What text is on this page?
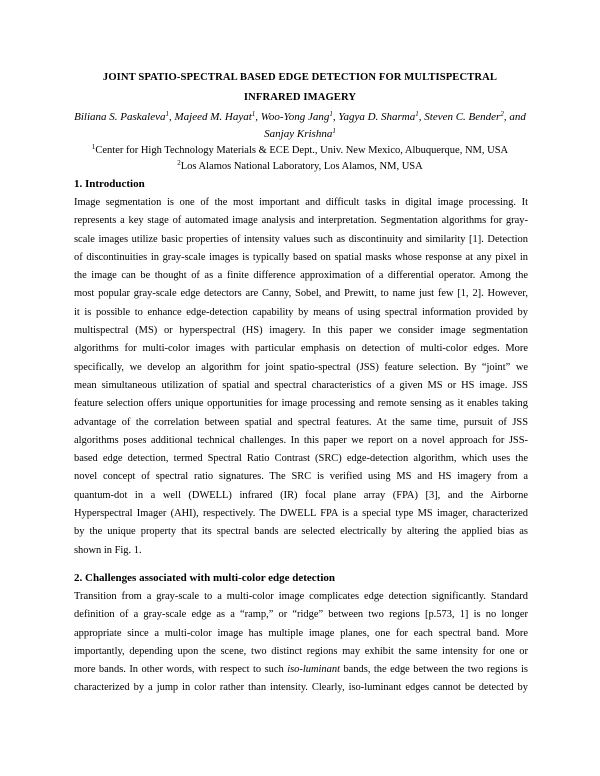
JOINT SPATIO-SPECTRAL BASED EDGE DETECTION FOR MULTISPECTRAL
INFRARED IMAGERY
Biliana S. Paskaleva$^1$, Majeed M. Hayat$^1$, Woo-Yong Jang$^1$, Yagya D. Sharma$^1$, Steven C. Bender$^2$, and
Sanjay Krishna$^1$
$^1$Center for High Technology Materials & ECE Dept., Univ. New Mexico, Albuquerque, NM, USA
$^2$Los Alamos National Laboratory, Los Alamos, NM, USA
1. Introduction
Image segmentation is one of the most important and difficult tasks in digital image processing. It
represents a key stage of automated image analysis and interpretation. Segmentation algorithms for gray-
scale images utilize basic properties of intensity values such as discontinuity and similarity [1]. Detection
of discontinuities in gray-scale images is typically based on spatial masks whose response at any pixel in
the image can be thought of as a finite difference approximation of a differential operator. Among the
most popular gray-scale edge detectors are Canny, Sobel, and Prewitt, to name just few [1, 2]. However,
it is possible to enhance edge-detection capability by means of using spectral information provided by
multispectral (MS) or hyperspectral (HS) imagery. In this paper we consider image segmentation
algorithms for multi-color images with particular emphasis on detection of multi-color edges. More
specifically, we develop an algorithm for joint spatio-spectral (JSS) feature selection. By “joint” we
mean simultaneous utilization of spatial and spectral characteristics of a given MS or HS image. JSS
feature selection offers unique opportunities for image processing and remote sensing as it enables taking
advantage of the correlation between spatial and spectral features. At the same time, pursuit of JSS
algorithms poses additional technical challenges. In this paper we report on a novel approach for JSS-
based edge detection, termed Spectral Ratio Contrast (SRC) edge-detection algorithm, which uses the
novel concept of spectral ratio signatures. The SRC is verified using MS and HS imagery from a
quantum-dot in a well (DWELL) infrared (IR) focal plane array (FPA) [3], and the Airborne
Hyperspectral Imager (AHI), respectively. The DWELL FPA is a special type MS imager, characterized
by the unique property that its spectral bands are selected electrically by altering the applied bias as
shown in Fig. 1.
2. Challenges associated with multi-color edge detection
Transition from a gray-scale to a multi-color image complicates edge detection significantly. Standard
definition of a gray-scale edge as a “ramp,” or “ridge” between two regions [p.573, 1] is no longer
appropriate since a multi-color image has multiple image planes, one for each spectral band. More
importantly, depending upon the scene, two distinct regions may exhibit the same intensity for one or
more bands. In other words, with respect to such iso-luminant bands, the edge between the two regions is
characterized by a jump in color rather than intensity. Clearly, iso-luminant edges cannot be detected by
